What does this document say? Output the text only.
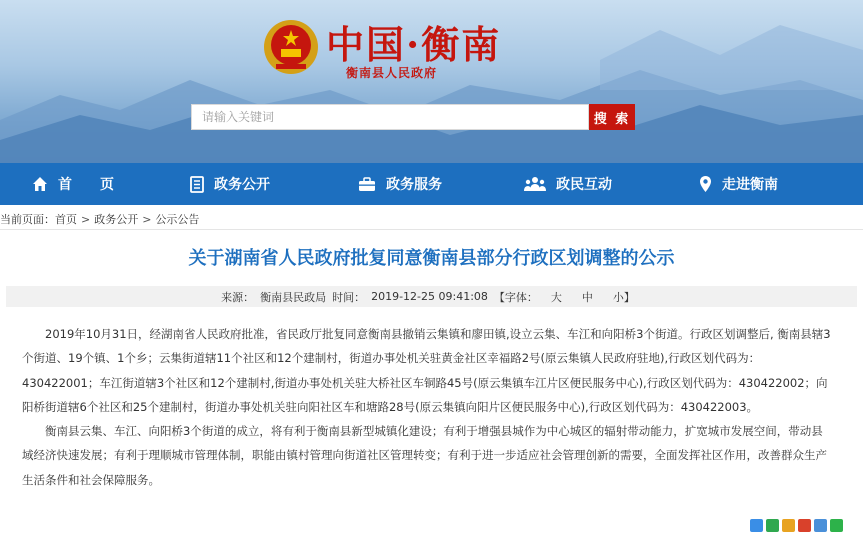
中国·衡南
衡南县人民政府
请输入关键词
搜 索
首　　页	政务公开	政务服务	政民互动	走进衡南
当前页面： 首页 > 政务公开 > 公示公告
关于湖南省人民政府批复同意衡南县部分行政区划调整的公示
来源： 衡南县民政局 时间： 2019-12-25 09:41:08 【字体： 大 中 小】

2019年10月31日，经湖南省人民政府批准，省民政厅批复同意衡南县撤销云集镇和廖田镇,设立云集、车江和向阳桥3个街道。行政区划调整后, 衡南县辖3个街道、19个镇、1个乡；云集街道辖11个社区和12个建制村，街道办事处机关驻黄金社区幸福路2号(原云集镇人民政府驻地),行政区划代码为：430422001；车江街道辖3个社区和12个建制村,街道办事处机关驻大桥社区车铜路45号(原云集镇车江片区便民服务中心),行政区划代码为：430422002；向阳桥街道辖6个社区和25个建制村，街道办事处机关驻向阳社区车和塘路28号(原云集镇向阳片区便民服务中心),行政区划代码为：430422003。

衡南县云集、车江、向阳桥3个街道的成立，将有利于衡南县新型城镇化建设；有利于增强县城作为中心城区的辐射带动能力，扩宽城市发展空间，带动县域经济快速发展；有利于理顺城市管理体制，职能由镇村管理向街道社区管理转变；有利于进一步适应社会管理创新的需要，全面发挥社区作用，改善群众生产生活条件和社会保障服务。
